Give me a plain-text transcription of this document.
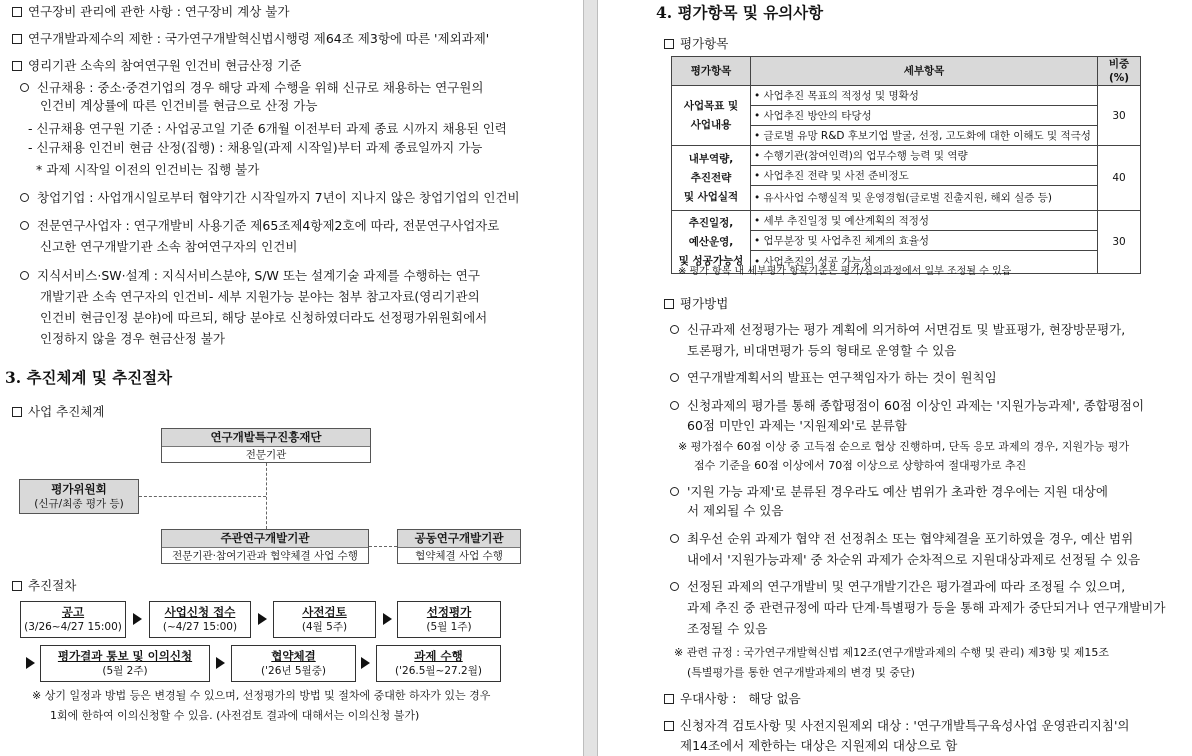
연구장비 관리에 관한 사항 : 연구장비 계상 불가
연구개발과제수의 제한 : 국가연구개발혁신법시행령 제64조 제3항에 따른 '제외과제'
영리기관 소속의 참여연구원 인건비 현금산정 기준
신규채용 : 중소·중견기업의 경우 해당 과제 수행을 위해 신규로 채용하는 연구원의
인건비 계상률에 따른 인건비를 현금으로 산정 가능
- 신규채용 연구원 기준 : 사업공고일 기준 6개월 이전부터 과제 종료 시까지 채용된 인력
- 신규채용 인건비 현금 산정(집행) : 채용일(과제 시작일)부터 과제 종료일까지 가능
* 과제 시작일 이전의 인건비는 집행 불가
창업기업 : 사업개시일로부터 협약기간 시작일까지 7년이 지나지 않은 창업기업의 인건비
전문연구사업자 : 연구개발비 사용기준 제65조제4항제2호에 따라, 전문연구사업자로
신고한 연구개발기관 소속 참여연구자의 인건비
지식서비스·SW·설계 : 지식서비스분야, S/W 또는 설계기술 과제를 수행하는 연구
개발기관 소속 연구자의 인건비- 세부 지원가능 분야는 첨부 참고자료(영리기관의
인건비 현금인정 분야)에 따르되, 해당 분야로 신청하였더라도 선정평가위원회에서
인정하지 않을 경우 현금산정 불가
3. 추진체계 및 추진절차
사업 추진체계
연구개발특구진흥재단
전문기관
평가위원회
(신규/최종 평가 등)
주관연구개발기관
전문기관·참여기관과 협약체결 사업 수행
공동연구개발기관
협약체결 사업 수행
추진절차
공고
(3/26~4/27 15:00)
사업신청 접수
(~4/27 15:00)
사전검토
(4월 5주)
선정평가
(5월 1주)
평가결과 통보 및 이의신청
(5월 2주)
협약체결
('26년 5월중)
과제 수행
('26.5월~27.2월)
※ 상기 일정과 방법 등은 변경될 수 있으며, 선정평가의 방법 및 절차에 중대한 하자가 있는 경우
1회에 한하여 이의신청할 수 있음. (사전검토 결과에 대해서는 이의신청 불가)
4. 평가항목 및 유의사항
평가항목
평가항목	세부항목	비중(%)
사업목표 및
사업내용	• 사업추진 목표의 적정성 및 명확성	30
	• 사업추진 방안의 타당성	
	• 글로벌 유망 R&D 후보기업 발굴, 선정, 고도화에 대한 이해도 및 적극성	
내부역량,
추진전략
및 사업실적	• 수행기관(참여인력)의 업무수행 능력 및 역량	40
	• 사업추진 전략 및 사전 준비정도	
	• 유사사업 수행실적 및 운영경험(글로벌 진출지원, 해외 실증 등)	
추진일정,
예산운영,
및 성공가능성	• 세부 추진일정 및 예산계획의 적정성	30
	• 업무분장 및 사업추진 체계의 효율성	
	• 사업추진의 성공 가능성	
※ 평가 항목 내 세부평가 항목기준은 평가/심의과정에서 일부 조정될 수 있음
평가방법
신규과제 선정평가는 평가 계획에 의거하여 서면검토 및 발표평가, 현장방문평가,
토론평가, 비대면평가 등의 형태로 운영할 수 있음
연구개발계획서의 발표는 연구책임자가 하는 것이 원칙임
신청과제의 평가를 통해 종합평점이 60점 이상인 과제는 '지원가능과제', 종합평점이
60점 미만인 과제는 '지원제외'로 분류함
※ 평가점수 60점 이상 중 고득점 순으로 협상 진행하며, 단독 응모 과제의 경우, 지원가능 평가
점수 기준을 60점 이상에서 70점 이상으로 상향하여 절대평가로 추진
'지원 가능 과제'로 분류된 경우라도 예산 범위가 초과한 경우에는 지원 대상에
서 제외될 수 있음
최우선 순위 과제가 협약 전 선정취소 또는 협약체결을 포기하였을 경우, 예산 범위
내에서 '지원가능과제' 중 차순위 과제가 순차적으로 지원대상과제로 선정될 수 있음
선정된 과제의 연구개발비 및 연구개발기간은 평가결과에 따라 조정될 수 있으며,
과제 추진 중 관련규정에 따라 단계·특별평가 등을 통해 과제가 중단되거나 연구개발비가
조정될 수 있음
※ 관련 규정 : 국가연구개발혁신법 제12조(연구개발과제의 수행 및 관리) 제3항 및 제15조
(특별평가를 통한 연구개발과제의 변경 및 중단)
우대사항 :   해당 없음
신청자격 검토사항 및 사전지원제외 대상 : '연구개발특구육성사업 운영관리지침'의
제14조에서 제한하는 대상은 지원제외 대상으로 함
